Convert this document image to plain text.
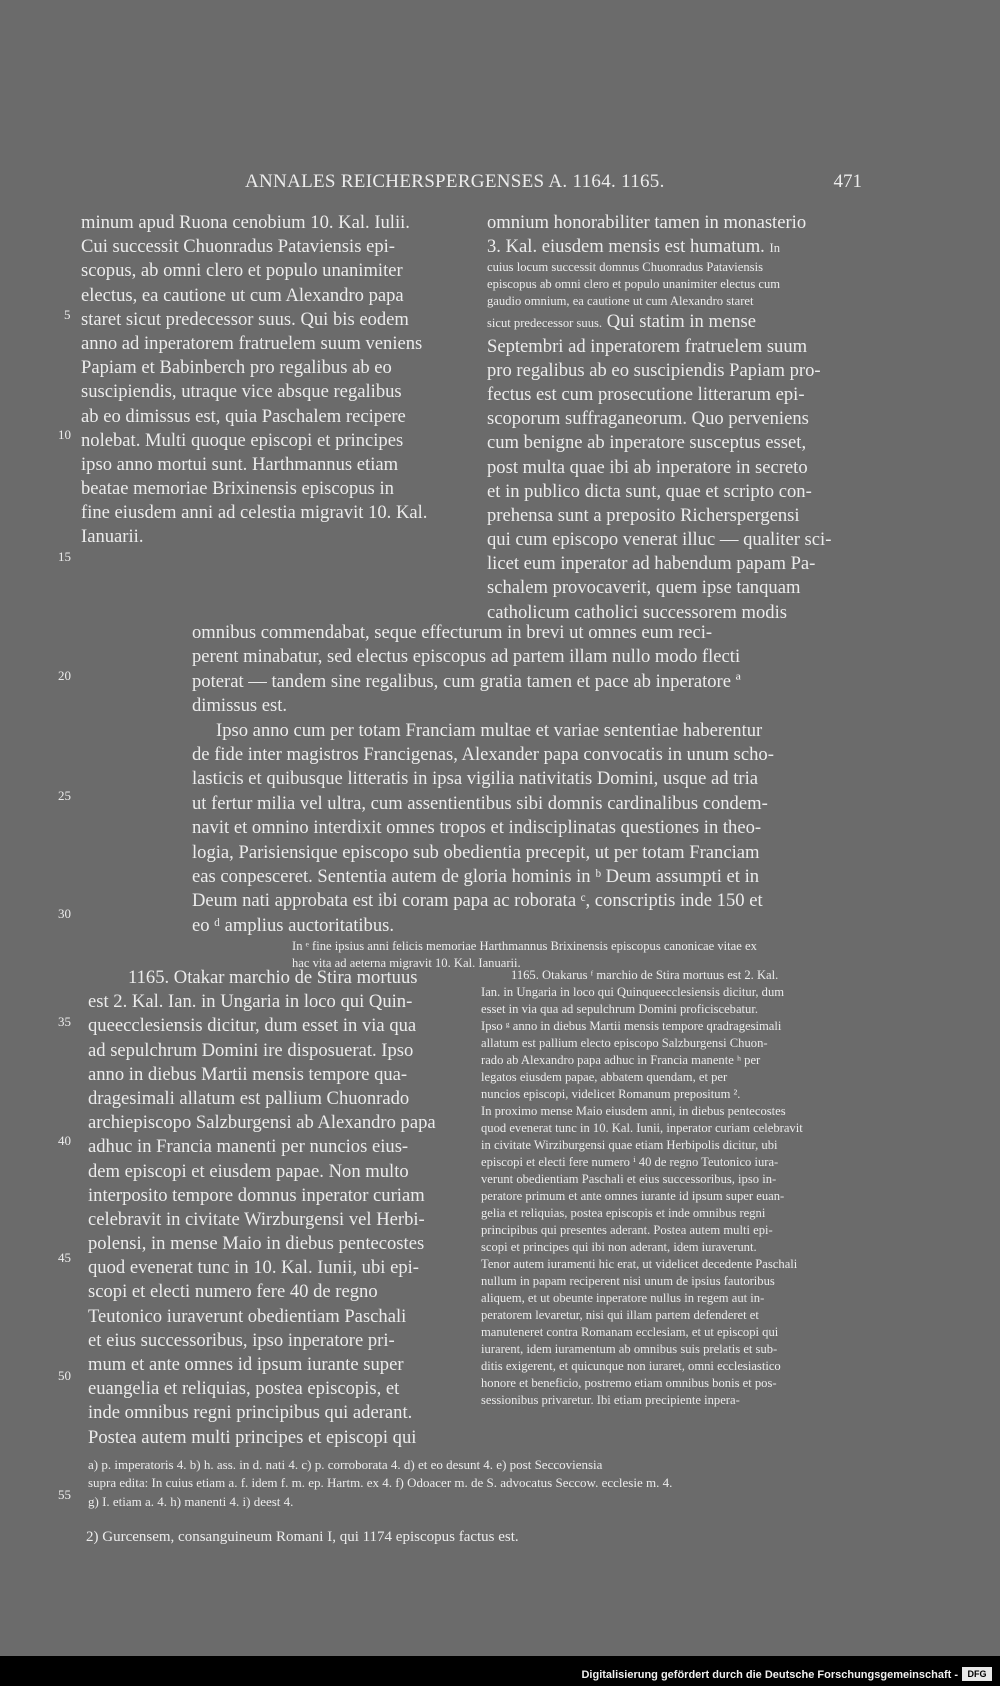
ANNALES REICHERSPERGENSES A. 1164. 1165.	471
5
10
15
20
25
30
35
40
45
50
55
minum apud Ruona cenobium 10. Kal. Iulii.
Cui successit Chuonradus Pataviensis epi-
scopus, ab omni clero et populo unanimiter
electus, ea cautione ut cum Alexandro papa
staret sicut predecessor suus. Qui bis eodem
anno ad inperatorem fratruelem suum veniens
Papiam et Babinberch pro regalibus ab eo
suscipiendis, utraque vice absque regalibus
ab eo dimissus est, quia Paschalem recipere
nolebat. Multi quoque episcopi et principes
ipso anno mortui sunt. Harthmannus etiam
beatae memoriae Brixinensis episcopus in
fine eiusdem anni ad celestia migravit 10. Kal.
Ianuarii.
omnium honorabiliter tamen in monasterio
3. Kal. eiusdem mensis est humatum. In
cuius locum successit domnus Chuonradus Pataviensis
episcopus ab omni clero et populo unanimiter electus cum
gaudio omnium, ea cautione ut cum Alexandro staret
sicut predecessor suus. Qui statim in mense
Septembri ad inperatorem fratruelem suum
pro regalibus ab eo suscipiendis Papiam pro-
fectus est cum prosecutione litterarum epi-
scoporum suffraganeorum. Quo perveniens
cum benigne ab inperatore susceptus esset,
post multa quae ibi ab inperatore in secreto
et in publico dicta sunt, quae et scripto con-
prehensa sunt a preposito Richerspergensi
qui cum episcopo venerat illuc — qualiter sci-
licet eum inperator ad habendum papam Pa-
schalem provocaverit, quem ipse tanquam
catholicum catholici successorem modis
omnibus commendabat, seque effecturum in brevi ut omnes eum reci-
perent minabatur, sed electus episcopus ad partem illam nullo modo flecti
poterat — tandem sine regalibus, cum gratia tamen et pace ab inperatore ª
dimissus est.
Ipso anno cum per totam Franciam multae et variae sententiae haberentur
de fide inter magistros Francigenas, Alexander papa convocatis in unum scho-
lasticis et quibusque litteratis in ipsa vigilia nativitatis Domini, usque ad tria
ut fertur milia vel ultra, cum assentientibus sibi domnis cardinalibus condem-
navit et omnino interdixit omnes tropos et indisciplinatas questiones in theo-
logia, Parisiensique episcopo sub obedientia precepit, ut per totam Franciam
eas conpesceret. Sententia autem de gloria hominis in ᵇ Deum assumpti et in
Deum nati approbata est ibi coram papa ac roborata ᶜ, conscriptis inde 150 et
eo ᵈ amplius auctoritatibus.
In ᵉ fine ipsius anni felicis memoriae Harthmannus Brixinensis episcopus canonicae vitae ex
hac vita ad aeterna migravit 10. Kal. Ianuarii.
1165. Otakar marchio de Stira mortuus
est 2. Kal. Ian. in Ungaria in loco qui Quin-
queecclesiensis dicitur, dum esset in via qua
ad sepulchrum Domini ire disposuerat. Ipso
anno in diebus Martii mensis tempore qua-
dragesimali allatum est pallium Chuonrado
archiepiscopo Salzburgensi ab Alexandro papa
adhuc in Francia manenti per nuncios eius-
dem episcopi et eiusdem papae. Non multo
interposito tempore domnus inperator curiam
celebravit in civitate Wirzburgensi vel Herbi-
polensi, in mense Maio in diebus pentecostes
quod evenerat tunc in 10. Kal. Iunii, ubi epi-
scopi et electi numero fere 40 de regno
Teutonico iuraverunt obedientiam Paschali
et eius successoribus, ipso inperatore pri-
mum et ante omnes id ipsum iurante super
euangelia et reliquias, postea episcopis, et
inde omnibus regni principibus qui aderant.
Postea autem multi principes et episcopi qui
1165. Otakarus ᶠ marchio de Stira mortuus est 2. Kal.
Ian. in Ungaria in loco qui Quinqueecclesiensis dicitur, dum
esset in via qua ad sepulchrum Domini proficiscebatur.
Ipso ᵍ anno in diebus Martii mensis tempore qradragesimali
allatum est pallium electo episcopo Salzburgensi Chuon-
rado ab Alexandro papa adhuc in Francia manente ʰ per
legatos eiusdem papae, abbatem quendam, et per
nuncios episcopi, videlicet Romanum prepositum ².
In proximo mense Maio eiusdem anni, in diebus pentecostes
quod evenerat tunc in 10. Kal. Iunii, inperator curiam celebravit
in civitate Wirziburgensi quae etiam Herbipolis dicitur, ubi
episcopi et electi fere numero ⁱ 40 de regno Teutonico iura-
verunt obedientiam Paschali et eius successoribus, ipso in-
peratore primum et ante omnes iurante id ipsum super euan-
gelia et reliquias, postea episcopis et inde omnibus regni
principibus qui presentes aderant. Postea autem multi epi-
scopi et principes qui ibi non aderant, idem iuraverunt.
Tenor autem iuramenti hic erat, ut videlicet decedente Paschali
nullum in papam reciperent nisi unum de ipsius fautoribus
aliquem, et ut obeunte inperatore nullus in regem aut in-
peratorem levaretur, nisi qui illam partem defenderet et
manuteneret contra Romanam ecclesiam, et ut episcopi qui
iurarent, idem iuramentum ab omnibus suis prelatis et sub-
ditis exigerent, et quicunque non iuraret, omni ecclesiastico
honore et beneficio, postremo etiam omnibus bonis et pos-
sessionibus privaretur. Ibi etiam precipiente inpera-
a) p. imperatoris 4. b) h. ass. in d. nati 4. c) p. corroborata 4. d) et eo desunt 4. e) post Seccoviensia
supra edita: In cuius etiam a. f. idem f. m. ep. Hartm. ex 4. f) Odoacer m. de S. advocatus Seccow. ecclesie m. 4.
g) I. etiam a. 4. h) manenti 4. i) deest 4.
2) Gurcensem, consanguineum Romani I, qui 1174 episcopus factus est.
Digitalisierung gefördert durch die Deutsche Forschungsgemeinschaft -	DFG
